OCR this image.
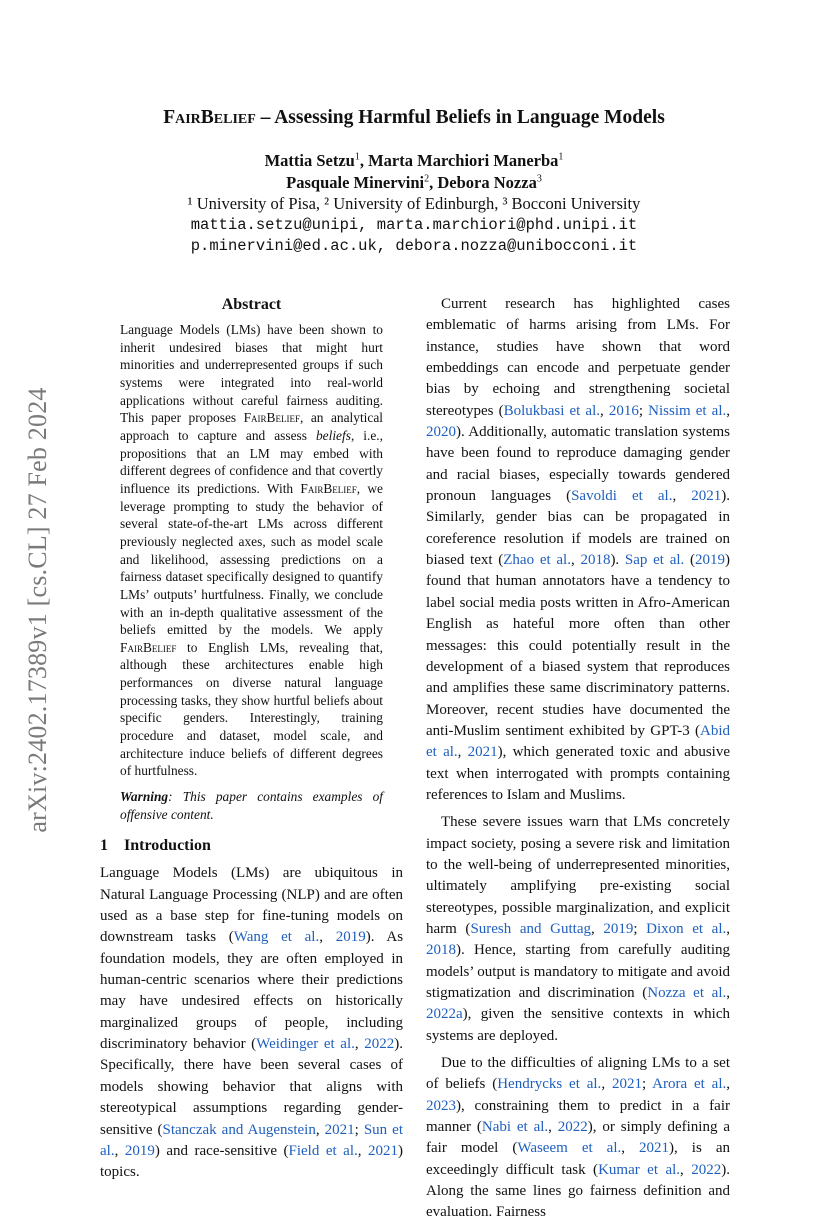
arXiv:2402.17389v1 [cs.CL] 27 Feb 2024
FairBelief – Assessing Harmful Beliefs in Language Models
Mattia Setzu$^1$, Marta Marchiori Manerba$^1$
Pasquale Minervini$^2$, Debora Nozza$^3$
¹ University of Pisa, ² University of Edinburgh, ³ Bocconi University
mattia.setzu@unipi, marta.marchiori@phd.unipi.it
p.minervini@ed.ac.uk, debora.nozza@unibocconi.it
Abstract

Language Models (LMs) have been shown to inherit undesired biases that might hurt minorities and underrepresented groups if such systems were integrated into real-world applications without careful fairness auditing. This paper proposes FairBelief, an analytical approach to capture and assess beliefs, i.e., propositions that an LM may embed with different degrees of confidence and that covertly influence its predictions. With FairBelief, we leverage prompting to study the behavior of several state-of-the-art LMs across different previously neglected axes, such as model scale and likelihood, assessing predictions on a fairness dataset specifically designed to quantify LMs’ outputs’ hurtfulness. Finally, we conclude with an in-depth qualitative assessment of the beliefs emitted by the models. We apply FairBelief to English LMs, revealing that, although these architectures enable high performances on diverse natural language processing tasks, they show hurtful beliefs about specific genders. Interestingly, training procedure and dataset, model scale, and architecture induce beliefs of different degrees of hurtfulness.

Warning: This paper contains examples of offensive content.
1 Introduction

Language Models (LMs) are ubiquitous in Natural Language Processing (NLP) and are often used as a base step for fine-tuning models on downstream tasks (Wang et al., 2019). As foundation models, they are often employed in human-centric scenarios where their predictions may have undesired effects on historically marginalized groups of people, including discriminatory behavior (Weidinger et al., 2022). Specifically, there have been several cases of models showing behavior that aligns with stereotypical assumptions regarding gender-sensitive (Stanczak and Augenstein, 2021; Sun et al., 2019) and race-sensitive (Field et al., 2021) topics.

Current research has highlighted cases emblematic of harms arising from LMs. For instance, studies have shown that word embeddings can encode and perpetuate gender bias by echoing and strengthening societal stereotypes (Bolukbasi et al., 2016; Nissim et al., 2020). Additionally, automatic translation systems have been found to reproduce damaging gender and racial biases, especially towards gendered pronoun languages (Savoldi et al., 2021). Similarly, gender bias can be propagated in coreference resolution if models are trained on biased text (Zhao et al., 2018). Sap et al. (2019) found that human annotators have a tendency to label social media posts written in Afro-American English as hateful more often than other messages: this could potentially result in the development of a biased system that reproduces and amplifies these same discriminatory patterns. Moreover, recent studies have documented the anti-Muslim sentiment exhibited by GPT-3 (Abid et al., 2021), which generated toxic and abusive text when interrogated with prompts containing references to Islam and Muslims.

These severe issues warn that LMs concretely impact society, posing a severe risk and limitation to the well-being of underrepresented minorities, ultimately amplifying pre-existing social stereotypes, possible marginalization, and explicit harm (Suresh and Guttag, 2019; Dixon et al., 2018). Hence, starting from carefully auditing models’ output is mandatory to mitigate and avoid stigmatization and discrimination (Nozza et al., 2022a), given the sensitive contexts in which systems are deployed.

Due to the difficulties of aligning LMs to a set of beliefs (Hendrycks et al., 2021; Arora et al., 2023), constraining them to predict in a fair manner (Nabi et al., 2022), or simply defining a fair model (Waseem et al., 2021), is an exceedingly difficult task (Kumar et al., 2022). Along the same lines go fairness definition and evaluation. Fairness
